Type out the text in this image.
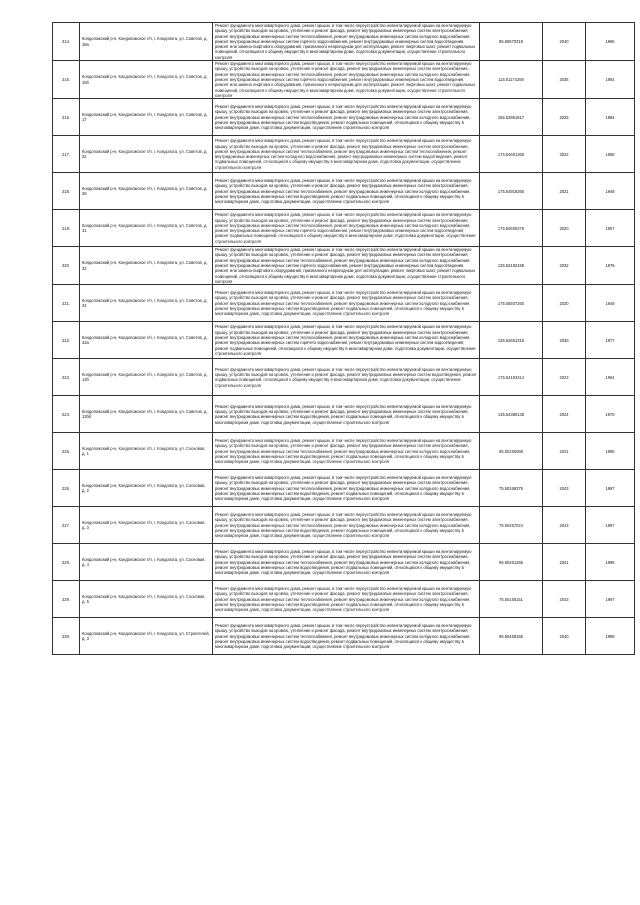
214.	Кондопожский р-н, Кондопожское г/п, г. Кондопога, ул. Советов, д. 19а	Ремонт фундамента многоквартирного дома, ремонт крыши, в том числе переустройство невентилируемой крыши на вентилируемую крышу, устройство выходов на кровлю, утепление и ремонт фасада, ремонт внутридомовых инженерных систем электроснабжения, ремонт внутридомовых инженерных систем теплоснабжения, ремонт внутридомовых инженерных систем холодного водоснабжения, ремонт внутридомовых инженерных систем горячего водоснабжения, ремонт внутридомовых инженерных систем водоотведения, ремонт или замена лифтового оборудования, признанного непригодным для эксплуатации, ремонт лифтовых шахт, ремонт подвальных помещений, относящихся к общему имуществу в многоквартирном доме, подготовка документации, осуществление строительного контроля	95.50670319	2040	1966
215.	Кондопожский р-н, Кондопожское г/п, г. Кондопога, ул. Советов, д. 19б	Ремонт фундамента многоквартирного дома, ремонт крыши, в том числе переустройство невентилируемой крыши на вентилируемую крышу, устройство выходов на кровлю, утепление и ремонт фасада, ремонт внутридомовых инженерных систем электроснабжения, ремонт внутридомовых инженерных систем теплоснабжения, ремонт внутридомовых инженерных систем холодного водоснабжения, ремонт внутридомовых инженерных систем горячего водоснабжения, ремонт внутридомовых инженерных систем водоотведения, ремонт или замена лифтового оборудования, признанного непригодным для эксплуатации, ремонт лифтовых шахт, ремонт подвальных помещений, относящихся к общему имуществу в многоквартирном доме, подготовка документации, осуществление строительного контроля	115.51174259	2036	1984
216.	Кондопожский р-н, Кондопожское г/п, г. Кондопога, ул. Советов, д. 17	Ремонт фундамента многоквартирного дома, ремонт крыши, в том числе переустройство невентилируемой крыши на вентилируемую крышу, устройство выходов на кровлю, утепление и ремонт фасада, ремонт внутридомовых инженерных систем электроснабжения, ремонт внутридомовых инженерных систем теплоснабжения, ремонт внутридомовых инженерных систем холодного водоснабжения, ремонт внутридомовых инженерных систем водоотведения, ремонт подвальных помещений, относящихся к общему имуществу в многоквартирном доме, подготовка документации, осуществление строительного контроля	155.53951817	2025	1984
217.	Кондопожский р-н, Кондопожское г/п, г. Кондопога, ул. Советов, д. 22	Ремонт фундамента многоквартирного дома, ремонт крыши, в том числе переустройство невентилируемой крыши на вентилируемую крышу, устройство выходов на кровлю, утепление и ремонт фасада, ремонт внутридомовых инженерных систем электроснабжения, ремонт внутридомовых инженерных систем теплоснабжения, ремонт внутридомовых инженерных систем теплоснабжения, ремонт внутридомовых инженерных систем холодного водоснабжения, ремонт внутридомовых инженерных систем водоотведения, ремонт подвальных помещений, относящихся к общему имуществу в многоквартирном доме, подготовка документации, осуществление строительного контроля	175.54601365	2022	1958
218.	Кондопожский р-н, Кондопожское г/п, г. Кондопога, ул. Советов, д. 28	Ремонт фундамента многоквартирного дома, ремонт крыши, в том числе переустройство невентилируемой крыши на вентилируемую крышу, устройство выходов на кровлю, утепление и ремонт фасада, ремонт внутридомовых инженерных систем электроснабжения, ремонт внутридомовых инженерных систем теплоснабжения, ремонт внутридомовых инженерных систем холодного водоснабжения, ремонт внутридомовых инженерных систем водоотведения, ремонт подвальных помещений, относящихся к общему имуществу в многоквартирном доме, подготовка документации, осуществление строительного контроля	175.54919265	2021	1948
219.	Кондопожский р-н, Кондопожское г/п, г. Кондопога, ул. Советов, д. 31	Ремонт фундамента многоквартирного дома, ремонт крыши, в том числе переустройство невентилируемой крыши на вентилируемую крышу, устройство выходов на кровлю, утепление и ремонт фасада, ремонт внутридомовых инженерных систем электроснабжения, ремонт внутридомовых инженерных систем теплоснабжения, ремонт внутридомовых инженерных систем холодного водоснабжения, ремонт внутридомовых инженерных систем горячего водоснабжения, ремонт внутридомовых инженерных систем водоотведения, ремонт подвальных помещений, относящихся к общему имуществу в многоквартирном доме, подготовка документации, осуществление строительного контроля	175.50606379	2020	1957
220.	Кондопожский р-н, Кондопожское г/п, г. Кондопога, ул. Советов, д. 33	Ремонт фундамента многоквартирного дома, ремонт крыши, в том числе переустройство невентилируемой крыши на вентилируемую крышу, устройство выходов на кровлю, утепление и ремонт фасада, ремонт внутридомовых инженерных систем электроснабжения, ремонт внутридомовых инженерных систем теплоснабжения, ремонт внутридомовых инженерных систем холодного водоснабжения, ремонт внутридомовых инженерных систем горячего водоснабжения, ремонт внутридомовых инженерных систем водоотведения, ремонт или замена лифтового оборудования, признанного непригодным для эксплуатации, ремонт лифтовых шахт, ремонт подвальных помещений, относящихся к общему имуществу в многоквартирном доме, подготовка документации, осуществление строительного контроля	135.52182158	2032	1976
221.	Кондопожский р-н, Кондопожское г/п, г. Кондопога, ул. Советов, д. 34	Ремонт фундамента многоквартирного дома, ремонт крыши, в том числе переустройство невентилируемой крыши на вентилируемую крышу, устройство выходов на кровлю, утепление и ремонт фасада, ремонт внутридомовых инженерных систем электроснабжения, ремонт внутридомовых инженерных систем теплоснабжения, ремонт внутридомовых инженерных систем холодного водоснабжения, ремонт внутридомовых инженерных систем водоотведения, ремонт подвальных помещений, относящихся к общему имуществу в многоквартирном доме, подготовка документации, осуществление строительного контроля	175.55507260	2020	1948
222.	Кондопожский р-н, Кондопожское г/п, г. Кондопога, ул. Советов, д. 42а	Ремонт фундамента многоквартирного дома, ремонт крыши, в том числе переустройство невентилируемой крыши на вентилируемую крышу, устройство выходов на кровлю, утепление и ремонт фасада, ремонт внутридомовых инженерных систем электроснабжения, ремонт внутридомовых инженерных систем теплоснабжения, ремонт внутридомовых инженерных систем холодного водоснабжения, ремонт внутридомовых инженерных систем горячего водоснабжения, ремонт внутридомовых инженерных систем водоотведения, ремонт подвальных помещений, относящихся к общему имуществу в многоквартирном доме, подготовка документации, осуществление строительного контроля	135.52661316	2030	1977
223.	Кондопожский р-н, Кондопожское г/п, г. Кондопога, ул. Советов, д. 13б	Ремонт фундамента многоквартирного дома, ремонт крыши, в том числе переустройство невентилируемой крыши на вентилируемую крышу, устройство выходов на кровлю, утепление и ремонт фасада, ремонт внутридомовых инженерных систем водоотведения, ремонт подвальных помещений, относящихся к общему имуществу в многоквартирном доме, подготовка документации, осуществление строительного контроля	175.54193314	2023	1964
224.	Кондопожский р-н, Кондопожское г/п, г. Кондопога, ул. Советов, д. 13бб	Ремонт фундамента многоквартирного дома, ремонт крыши, в том числе переустройство невентилируемой крыши на вентилируемую крышу, устройство выходов на кровлю, утепление и ремонт фасада, ремонт внутридомовых инженерных систем электроснабжения, ремонт внутридомовых инженерных систем водоотведения, ремонт подвальных помещений, относящихся к общему имуществу в многоквартирном доме, подготовка документации, осуществление строительного контроля	135.54380138	2024	1970
225.	Кондопожский р-н, Кондопожское г/п, г. Кондопога, ул. Сосновая, д. 1	Ремонт фундамента многоквартирного дома, ремонт крыши, в том числе переустройство невентилируемой крыши на вентилируемую крышу, устройство выходов на кровлю, утепление и ремонт фасада, ремонт внутридомовых инженерных систем электроснабжения, ремонт внутридомовых инженерных систем теплоснабжения, ремонт внутридомовых инженерных систем холодного водоснабжения, ремонт внутридомовых инженерных систем водоотведения, ремонт подвальных помещений, относящихся к общему имуществу в многоквартирном доме, подготовка документации, осуществление строительного контроля	95.50256098	2041	1995
226.	Кондопожский р-н, Кондопожское г/п, г. Кондопога, ул. Сосновая, д. 2	Ремонт фундамента многоквартирного дома, ремонт крыши, в том числе переустройство невентилируемой крыши на вентилируемую крышу, устройство выходов на кровлю, утепление и ремонт фасада, ремонт внутридомовых инженерных систем электроснабжения, ремонт внутридомовых инженерных систем теплоснабжения, ремонт внутридомовых инженерных систем холодного водоснабжения, ремонт внутридомовых инженерных систем водоотведения, ремонт подвальных помещений, относящихся к общему имуществу в многоквартирном доме, подготовка документации, осуществление строительного контроля	75.50269275	2043	1997
227.	Кондопожский р-н, Кондопожское г/п, г. Кондопога, ул. Сосновая, д. 3	Ремонт фундамента многоквартирного дома, ремонт крыши, в том числе переустройство невентилируемой крыши на вентилируемую крышу, устройство выходов на кровлю, утепление и ремонт фасада, ремонт внутридомовых инженерных систем электроснабжения, ремонт внутридомовых инженерных систем теплоснабжения, ремонт внутридомовых инженерных систем холодного водоснабжения, ремонт внутридомовых инженерных систем водоотведения, ремонт подвальных помещений, относящихся к общему имуществу в многоквартирном доме, подготовка документации, осуществление строительного контроля	75.50257024	2043	1997
228.	Кондопожский р-н, Кондопожское г/п, г. Кондопога, ул. Сосновая, д. 4	Ремонт фундамента многоквартирного дома, ремонт крыши, в том числе переустройство невентилируемой крыши на вентилируемую крышу, устройство выходов на кровлю, утепление и ремонт фасада, ремонт внутридомовых инженерных систем электроснабжения, ремонт внутридомовых инженерных систем теплоснабжения, ремонт внутридомовых инженерных систем холодного водоснабжения, ремонт внутридомовых инженерных систем водоотведения, ремонт подвальных помещений, относящихся к общему имуществу в многоквартирном доме, подготовка документации, осуществление строительного контроля	95.50261265	2041	1995
229.	Кондопожский р-н, Кондопожское г/п, г. Кондопога, ул. Сосновая, д. 5	Ремонт фундамента многоквартирного дома, ремонт крыши, в том числе переустройство невентилируемой крыши на вентилируемую крышу, устройство выходов на кровлю, утепление и ремонт фасада, ремонт внутридомовых инженерных систем электроснабжения, ремонт внутридомовых инженерных систем теплоснабжения, ремонт внутридомовых инженерных систем холодного водоснабжения, ремонт внутридомовых инженерных систем водоотведения, ремонт подвальных помещений, относящихся к общему имуществу в многоквартирном доме, подготовка документации, осуществление строительного контроля	75.50158151	2043	1997
230.	Кондопожский р-н, Кондопожское г/п, г. Кондопога, ул. Строителей, д. 3	Ремонт фундамента многоквартирного дома, ремонт крыши, в том числе переустройство невентилируемой крыши на вентилируемую крышу, устройство выходов на кровлю, утепление и ремонт фасада, ремонт внутридомовых инженерных систем электроснабжения, ремонт внутридомовых инженерных систем теплоснабжения, ремонт внутридомовых инженерных систем холодного водоснабжения, ремонт внутридомовых инженерных систем водоотведения, ремонт подвальных помещений, относящихся к общему имуществу в многоквартирном доме, подготовка документации, осуществление строительного контроля	95.50468155	2040	1989
